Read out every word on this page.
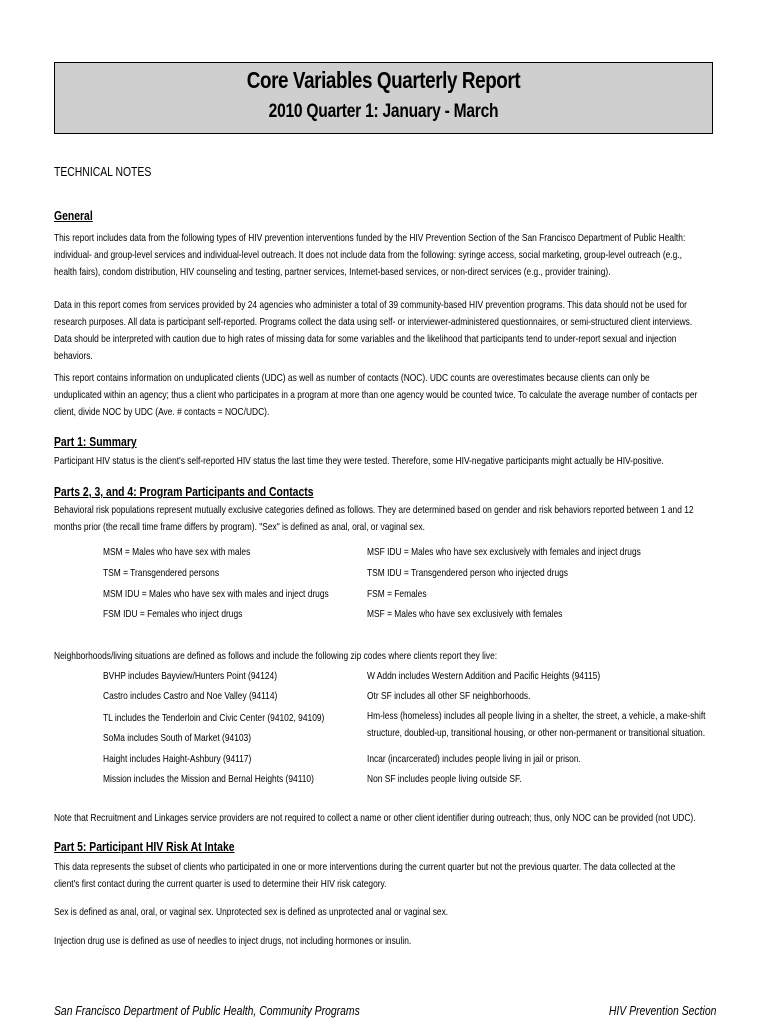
Core Variables Quarterly Report
2010 Quarter 1: January - March
TECHNICAL NOTES
General
This report includes data from the following types of HIV prevention interventions funded by the HIV Prevention Section of the San Francisco Department of Public Health: individual- and group-level services and individual-level outreach. It does not include data from the following: syringe access, social marketing, group-level outreach (e.g., health fairs), condom distribution, HIV counseling and testing, partner services, Internet-based services, or non-direct services (e.g., provider training).
Data in this report comes from services provided by 24 agencies who administer a total of 39 community-based HIV prevention programs. This data should not be used for research purposes. All data is participant self-reported. Programs collect the data using self- or interviewer-administered questionnaires, or semi-structured client interviews. Data should be interpreted with caution due to high rates of missing data for some variables and the likelihood that participants tend to under-report sexual and injection behaviors.
This report contains information on unduplicated clients (UDC) as well as number of contacts (NOC). UDC counts are overestimates because clients can only be unduplicated within an agency; thus a client who participates in a program at more than one agency would be counted twice. To calculate the average number of contacts per client, divide NOC by UDC (Ave. # contacts = NOC/UDC).
Part 1: Summary
Participant HIV status is the client's self-reported HIV status the last time they were tested. Therefore, some HIV-negative participants might actually be HIV-positive.
Parts 2, 3, and 4: Program Participants and Contacts
Behavioral risk populations represent mutually exclusive categories defined as follows. They are determined based on gender and risk behaviors reported between 1 and 12 months prior (the recall time frame differs by program). "Sex" is defined as anal, oral, or vaginal sex.
MSM = Males who have sex with males
TSM = Transgendered persons
MSM IDU = Males who have sex with males and inject drugs
FSM IDU = Females who inject drugs
MSF IDU = Males who have sex exclusively with females and inject drugs
TSM IDU = Transgendered person who injected drugs
FSM = Females
MSF = Males who have sex exclusively with females
Neighborhoods/living situations are defined as follows and include the following zip codes where clients report they live:
BVHP includes Bayview/Hunters Point (94124)
Castro includes Castro and Noe Valley (94114)
TL includes the Tenderloin and Civic Center (94102, 94109)
SoMa includes South of Market (94103)
Haight includes Haight-Ashbury (94117)
Mission includes the Mission and Bernal Heights (94110)
W Addn includes Western Addition and Pacific Heights (94115)
Otr SF includes all other SF neighborhoods.
Hm-less (homeless) includes all people living in a shelter, the street, a vehicle, a make-shift
structure, doubled-up, transitional housing, or other non-permanent or transitional situation.
Incar (incarcerated) includes people living in jail or prison.
Non SF includes people living outside SF.
Note that Recruitment and Linkages service providers are not required to collect a name or other client identifier during outreach; thus, only NOC can be provided (not UDC).
Part 5: Participant HIV Risk At Intake
This data represents the subset of clients who participated in one or more interventions during the current quarter but not the previous quarter. The data collected at the client's first contact during the current quarter is used to determine their HIV risk category.
Sex is defined as anal, oral, or vaginal sex. Unprotected sex is defined as unprotected anal or vaginal sex.
Injection drug use is defined as use of needles to inject drugs, not including hormones or insulin.
San Francisco Department of Public Health, Community Programs	HIV Prevention Section
